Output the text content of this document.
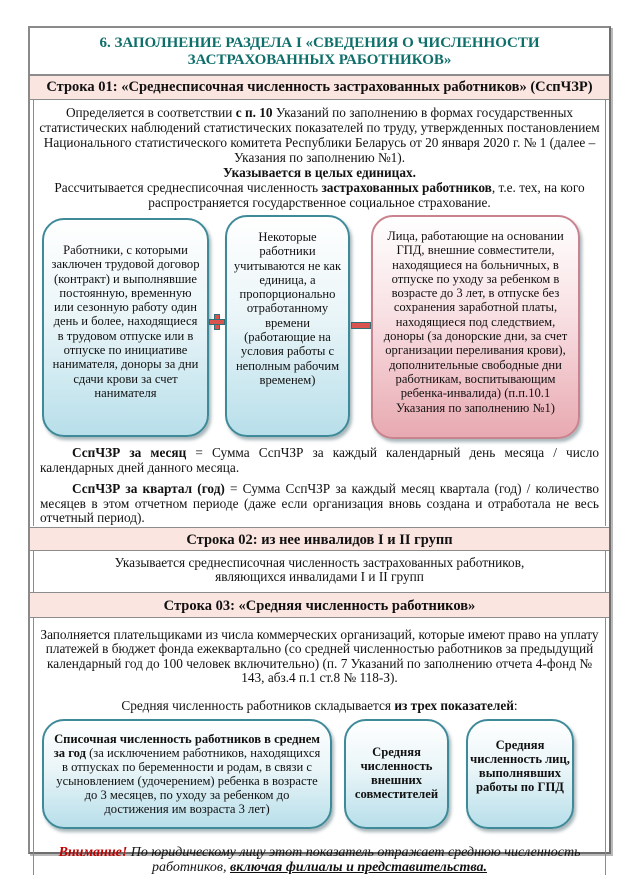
6. ЗАПОЛНЕНИЕ РАЗДЕЛА I «СВЕДЕНИЯ О ЧИСЛЕННОСТИ
ЗАСТРАХОВАННЫХ РАБОТНИКОВ»
Строка 01: «Среднесписочная численность застрахованных работников» (СспЧЗР)
Определяется в соответствии с п. 10 Указаний по заполнению в формах государственных статистических наблюдений статистических показателей по труду, утвержденных постановлением Национального статистического комитета Республики Беларусь от 20 января 2020 г. № 1 (далее – Указания по заполнению №1).
Указывается в целых единицах.
Рассчитывается среднесписочная численность застрахованных работников, т.е. тех, на кого распространяется государственное социальное страхование.
Работники, с которыми заключен трудовой договор (контракт) и выполнявшие постоянную, временную или сезонную работу один день и более, находящиеся в трудовом отпуске или в отпуске по инициативе нанимателя, доноры за дни сдачи крови за счет нанимателя
Некоторые работники учитываются не как единица, а пропорционально отработанному времени (работающие на условия работы с неполным рабочим временем)
Лица, работающие на основании ГПД, внешние совместители, находящиеся на больничных, в отпуске по уходу за ребенком в возрасте до 3 лет, в отпуске без сохранения заработной платы, находящиеся под следствием, доноры (за донорские дни, за счет организации переливания крови), дополнительные свободные дни работникам, воспитывающим ребенка-инвалида) (п.п.10.1 Указания по заполнению №1)

СспЧЗР за месяц = Сумма СспЧЗР за каждый календарный день месяца / число календарных дней данного месяца.

СспЧЗР за квартал (год) = Сумма СспЧЗР за каждый месяц квартала (год) / количество месяцев в этом отчетном периоде (даже если организация вновь создана и отработала не весь отчетный период).

Строка 02: из нее инвалидов I и II групп
Указывается среднесписочная численность застрахованных работников,
являющихся инвалидами I и II групп
Строка 03: «Средняя численность работников»
Заполняется плательщиками из числа коммерческих организаций, которые имеют право на уплату платежей в бюджет фонда ежеквартально (со средней численностью работников за предыдущий календарный год до 100 человек включительно) (п. 7 Указаний по заполнению отчета 4-фонд № 143, абз.4 п.1 ст.8 № 118-З).
Средняя численность работников складывается из трех показателей:
Списочная численность работников в среднем за год (за исключением работников, находящихся в отпусках по беременности и родам, в связи с усыновлением (удочерением) ребенка в возрасте до 3 месяцев, по уходу за ребенком до достижения им возраста 3 лет)
Средняя численность внешних совместителей
Средняя численность лиц, выполнявших работы по ГПД
Внимание! По юридическому лицу этот показатель отражает среднюю численность работников, включая филиалы и представительства.
